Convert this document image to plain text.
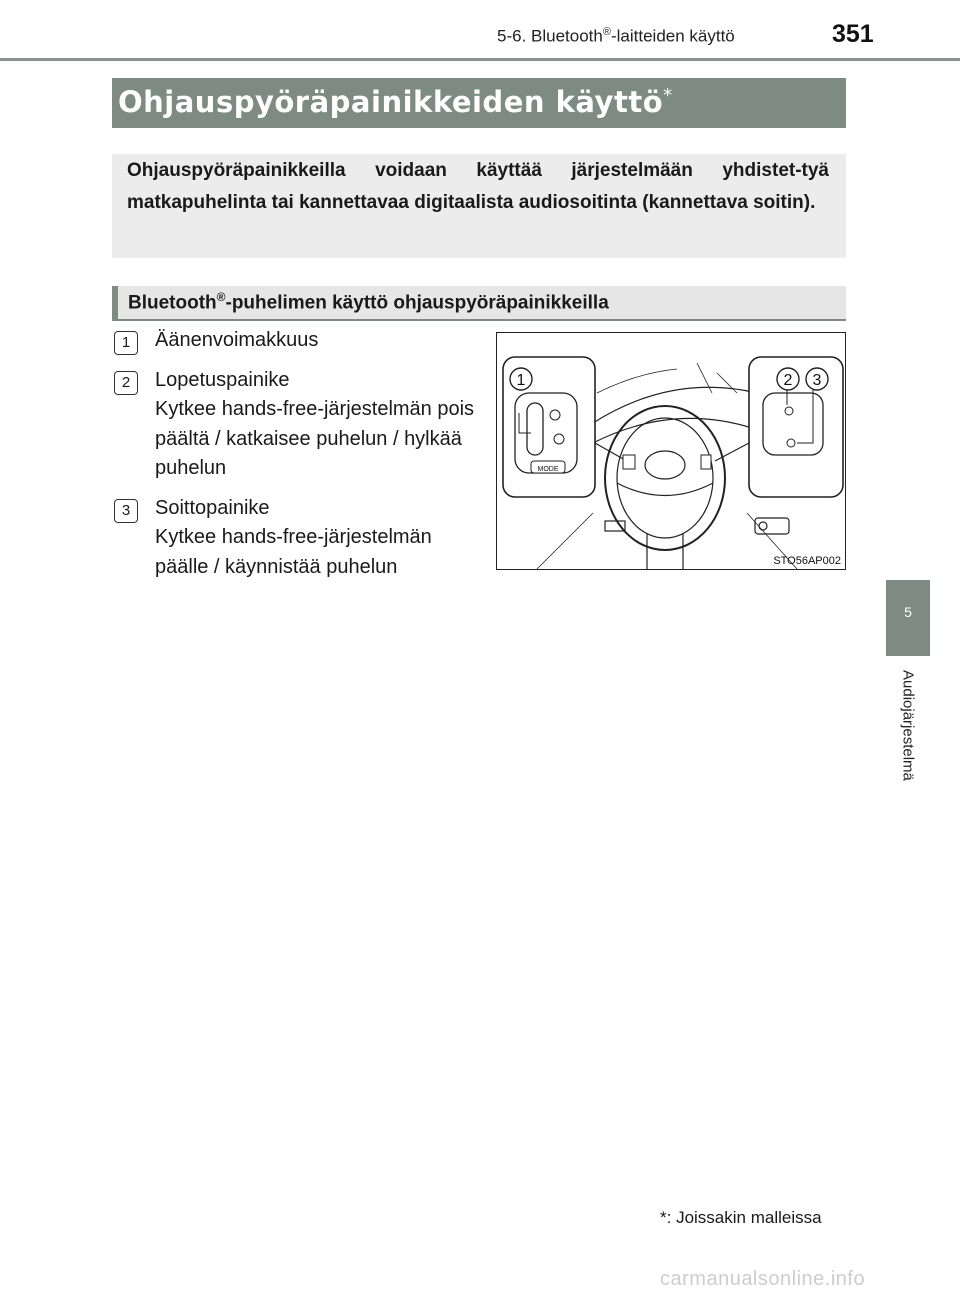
5-6. Bluetooth®-laitteiden käyttö	351
5
Audiojärjestelmä
Ohjauspyöräpainikkeiden käyttö*
Ohjauspyöräpainikkeilla voidaan käyttää järjestelmään yhdistet-tyä matkapuhelinta tai kannettavaa digitaalista audiosoitinta (kannettava soitin).
Bluetooth®-puhelimen käyttö ohjauspyöräpainikkeilla
1	Äänenvoimakkuus
2	Lopetuspainike
Kytkee hands-free-järjestelmän pois päältä / katkaisee puhelun / hylkää puhelun
3	Soittopainike
Kytkee hands-free-järjestelmän päälle / käynnistää puhelun
1	2 3
MODE
STO56AP002
*: Joissakin malleissa
carmanualsonline.info
